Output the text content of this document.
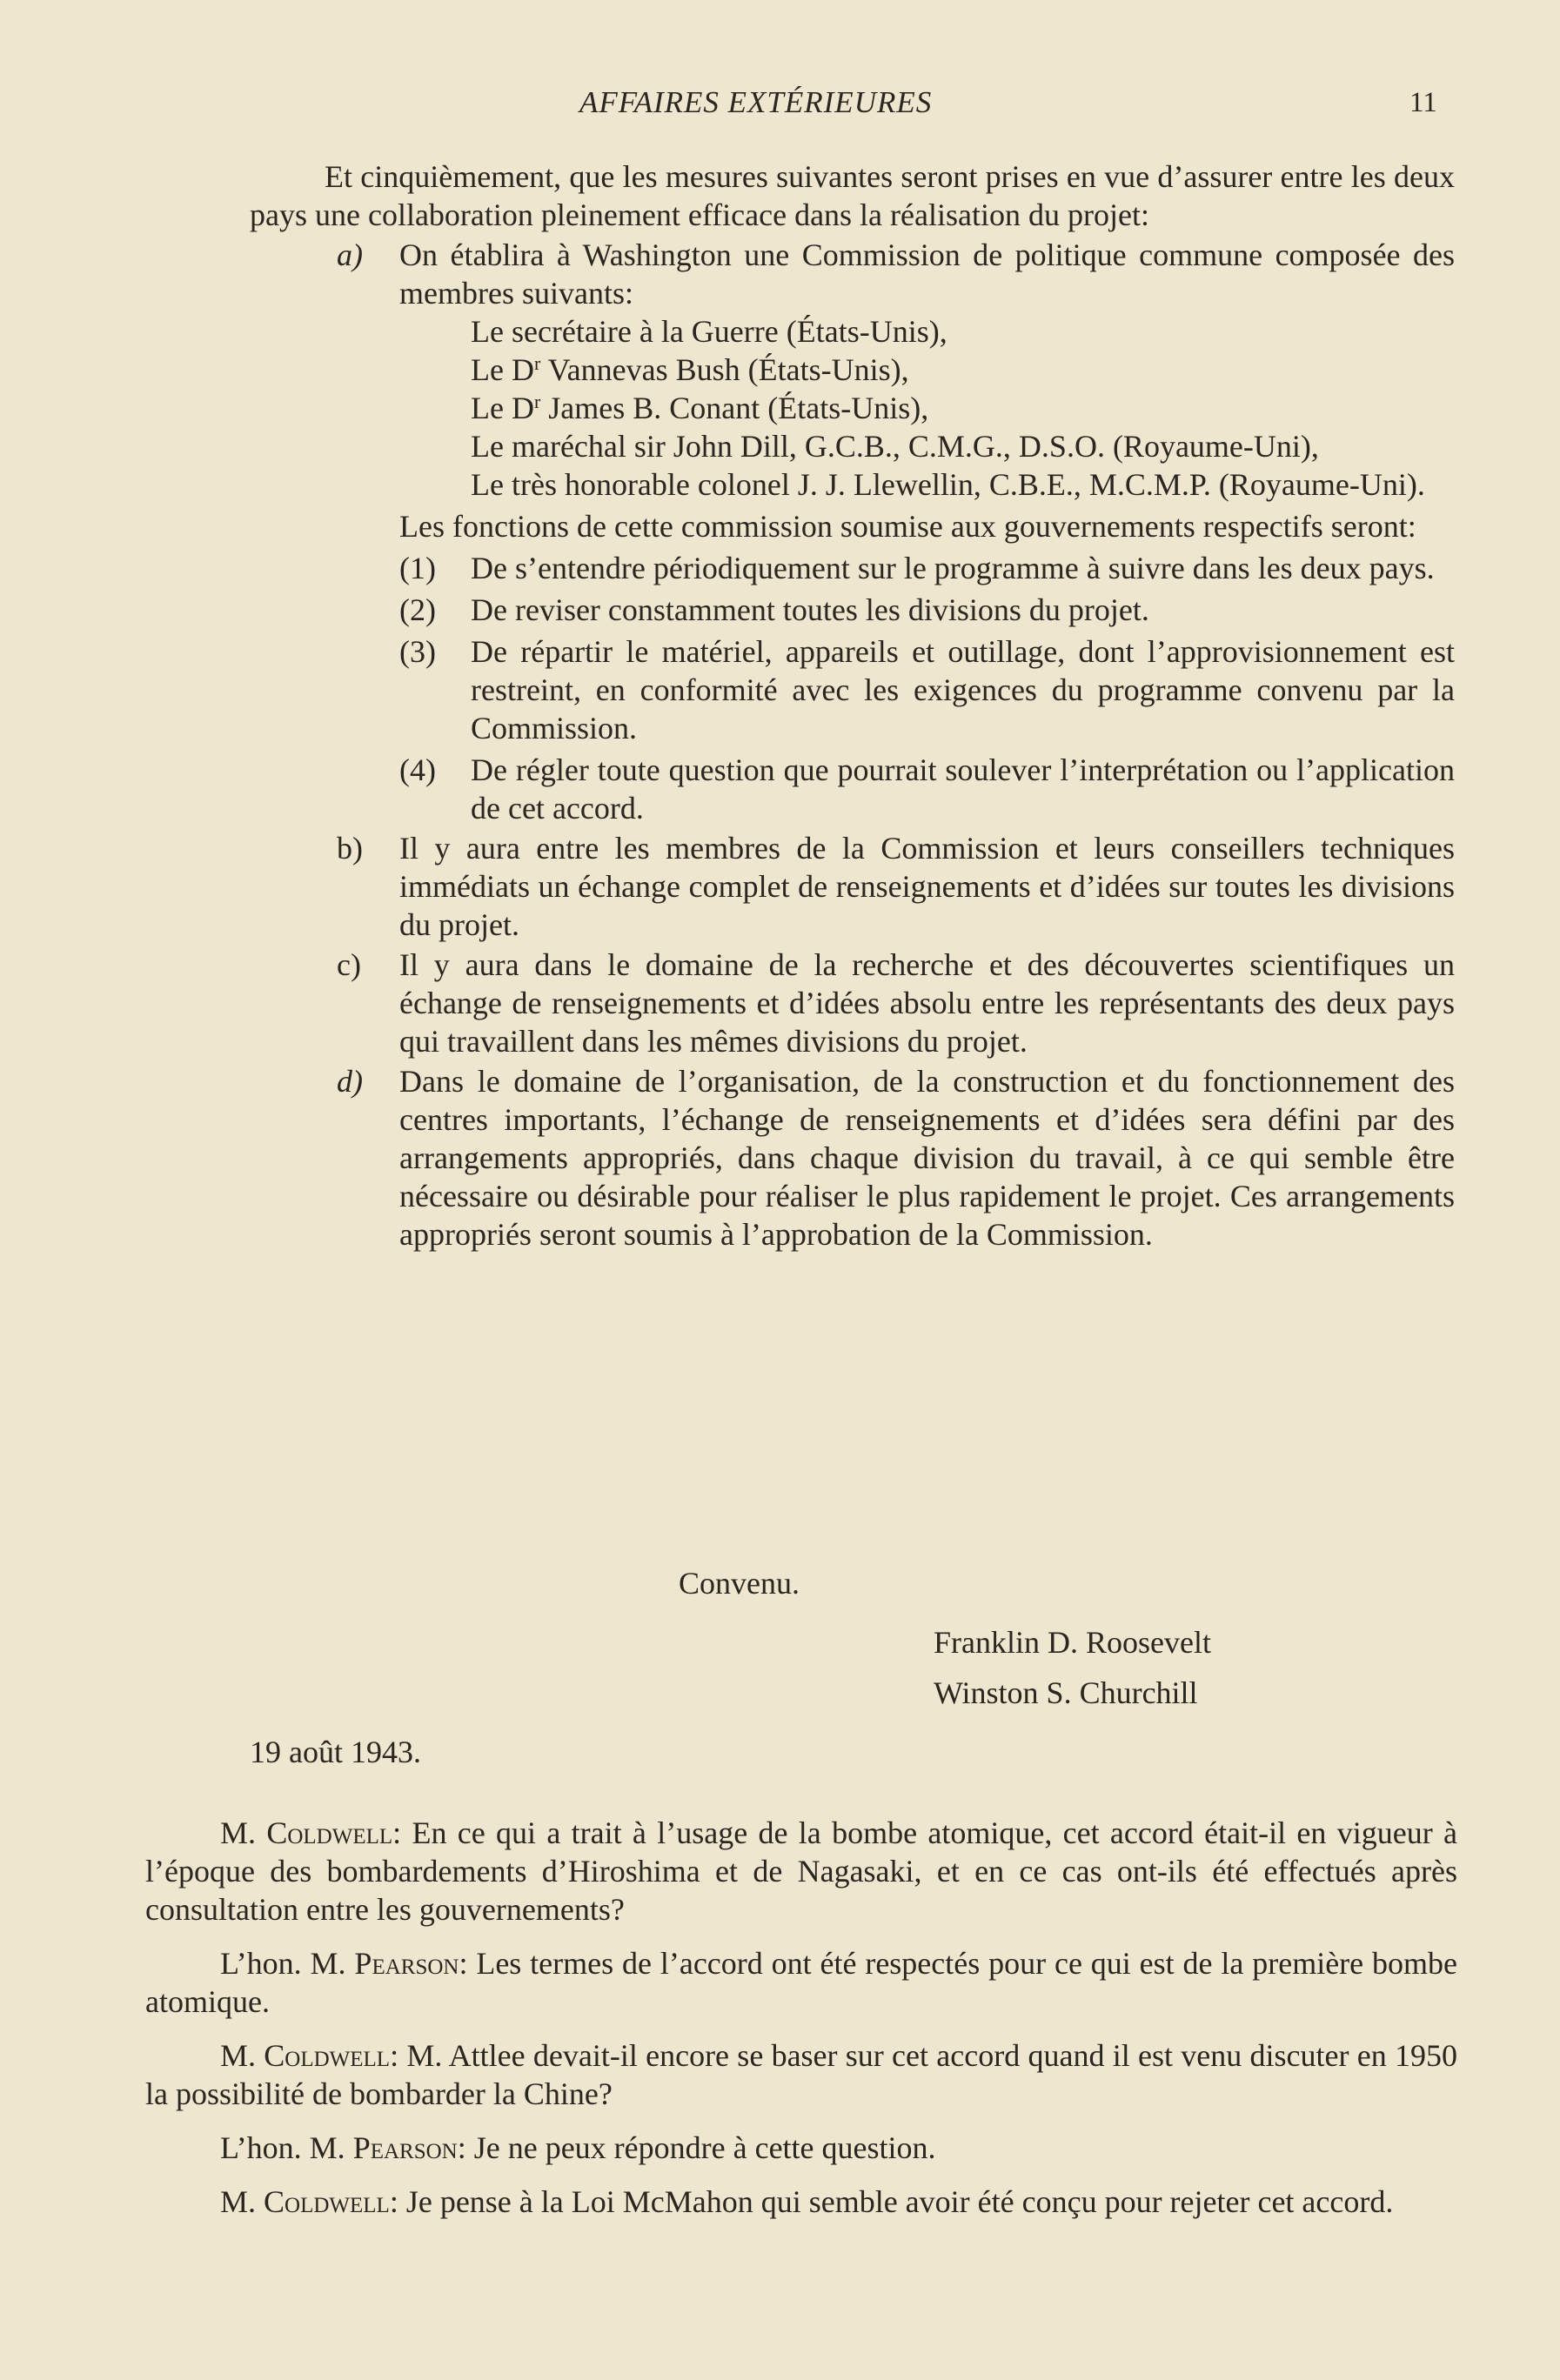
AFFAIRES EXTÉRIEURES	11

Et cinquièmement, que les mesures suivantes seront prises en vue d’assurer entre les deux pays une collaboration pleinement efficace dans la réalisation du projet:

a) On établira à Washington une Commission de politique commune composée des membres suivants:

Le secrétaire à la Guerre (États-Unis),
Le $D^r$ Vannevas Bush (États-Unis),
Le $D^r$ James B. Conant (États-Unis),
Le maréchal sir John Dill, G.C.B., C.M.G., D.S.O. (Royaume-Uni),
Le très honorable colonel J. J. Llewellin, C.B.E., M.C.M.P. (Royaume-Uni).

Les fonctions de cette commission soumise aux gouvernements respectifs seront:

(1) De s’entendre périodiquement sur le programme à suivre dans les deux pays.

(2) De reviser constamment toutes les divisions du projet.

(3) De répartir le matériel, appareils et outillage, dont l’approvisionnement est restreint, en conformité avec les exigences du programme convenu par la Commission.

(4) De régler toute question que pourrait soulever l’interprétation ou l’application de cet accord.

b) Il y aura entre les membres de la Commission et leurs conseillers techniques immédiats un échange complet de renseignements et d’idées sur toutes les divisions du projet.

c) Il y aura dans le domaine de la recherche et des découvertes scientifiques un échange de renseignements et d’idées absolu entre les représentants des deux pays qui travaillent dans les mêmes divisions du projet.

d) Dans le domaine de l’organisation, de la construction et du fonctionnement des centres importants, l’échange de renseignements et d’idées sera défini par des arrangements appropriés, dans chaque division du travail, à ce qui semble être nécessaire ou désirable pour réaliser le plus rapidement le projet. Ces arrangements appropriés seront soumis à l’approbation de la Commission.

Convenu.
Franklin D. Roosevelt
Winston S. Churchill
19 août 1943.

M. Coldwell: En ce qui a trait à l’usage de la bombe atomique, cet accord était-il en vigueur à l’époque des bombardements d’Hiroshima et de Nagasaki, et en ce cas ont-ils été effectués après consultation entre les gouvernements?

L’hon. M. Pearson: Les termes de l’accord ont été respectés pour ce qui est de la première bombe atomique.

M. Coldwell: M. Attlee devait-il encore se baser sur cet accord quand il est venu discuter en 1950 la possibilité de bombarder la Chine?

L’hon. M. Pearson: Je ne peux répondre à cette question.

M. Coldwell: Je pense à la Loi McMahon qui semble avoir été conçu pour rejeter cet accord.
